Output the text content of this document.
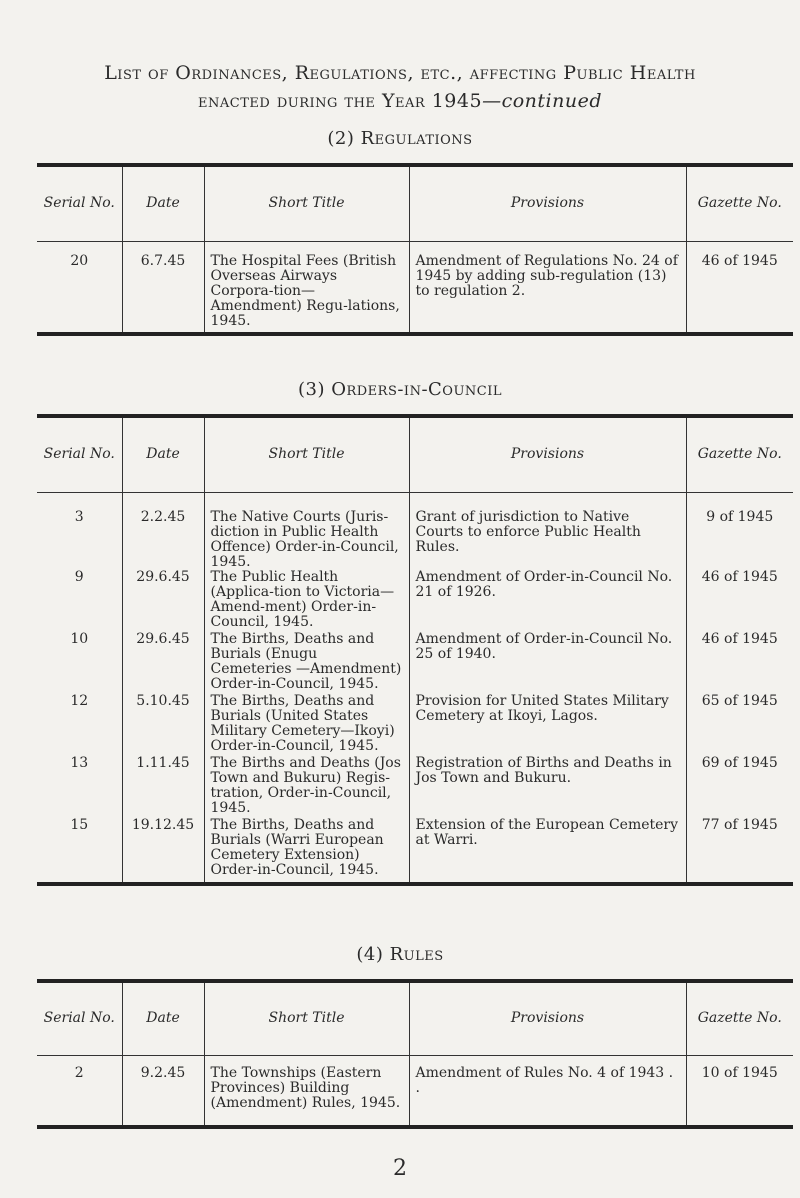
List of Ordinances, Regulations, etc., affecting Public Health
enacted during the Year 1945—continued
(2) Regulations
Serial No.	Date	Short Title	Provisions	Gazette No.
20	6.7.45	The Hospital Fees (British Overseas Airways Corpora-tion—Amendment) Regu-lations, 1945.	Amendment of Regulations No. 24 of 1945 by adding sub-regulation (13) to regulation 2.	46 of 1945
(3) Orders-in-Council
Serial No.	Date	Short Title	Provisions	Gazette No.
3	2.2.45	The Native Courts (Juris-diction in Public Health Offence) Order-in-Council, 1945.	Grant of jurisdiction to Native Courts to enforce Public Health Rules.	9 of 1945
9	29.6.45	The Public Health (Applica-tion to Victoria—Amend-ment) Order-in-Council, 1945.	Amendment of Order-in-Council No. 21 of 1926.	46 of 1945
10	29.6.45	The Births, Deaths and Burials (Enugu Cemeteries —Amendment) Order-in-Council, 1945.	Amendment of Order-in-Council No. 25 of 1940.	46 of 1945
12	5.10.45	The Births, Deaths and Burials (United States Military Cemetery—Ikoyi) Order-in-Council, 1945.	Provision for United States Military Cemetery at Ikoyi, Lagos.	65 of 1945
13	1.11.45	The Births and Deaths (Jos Town and Bukuru) Regis-tration, Order-in-Council, 1945.	Registration of Births and Deaths in Jos Town and Bukuru.	69 of 1945
15	19.12.45	The Births, Deaths and Burials (Warri European Cemetery Extension) Order-in-Council, 1945.	Extension of the European Cemetery at Warri.	77 of 1945
(4) Rules
Serial No.	Date	Short Title	Provisions	Gazette No.
2	9.2.45	The Townships (Eastern Provinces) Building (Amendment) Rules, 1945.	Amendment of Rules No. 4 of 1943 . .	10 of 1945
2
